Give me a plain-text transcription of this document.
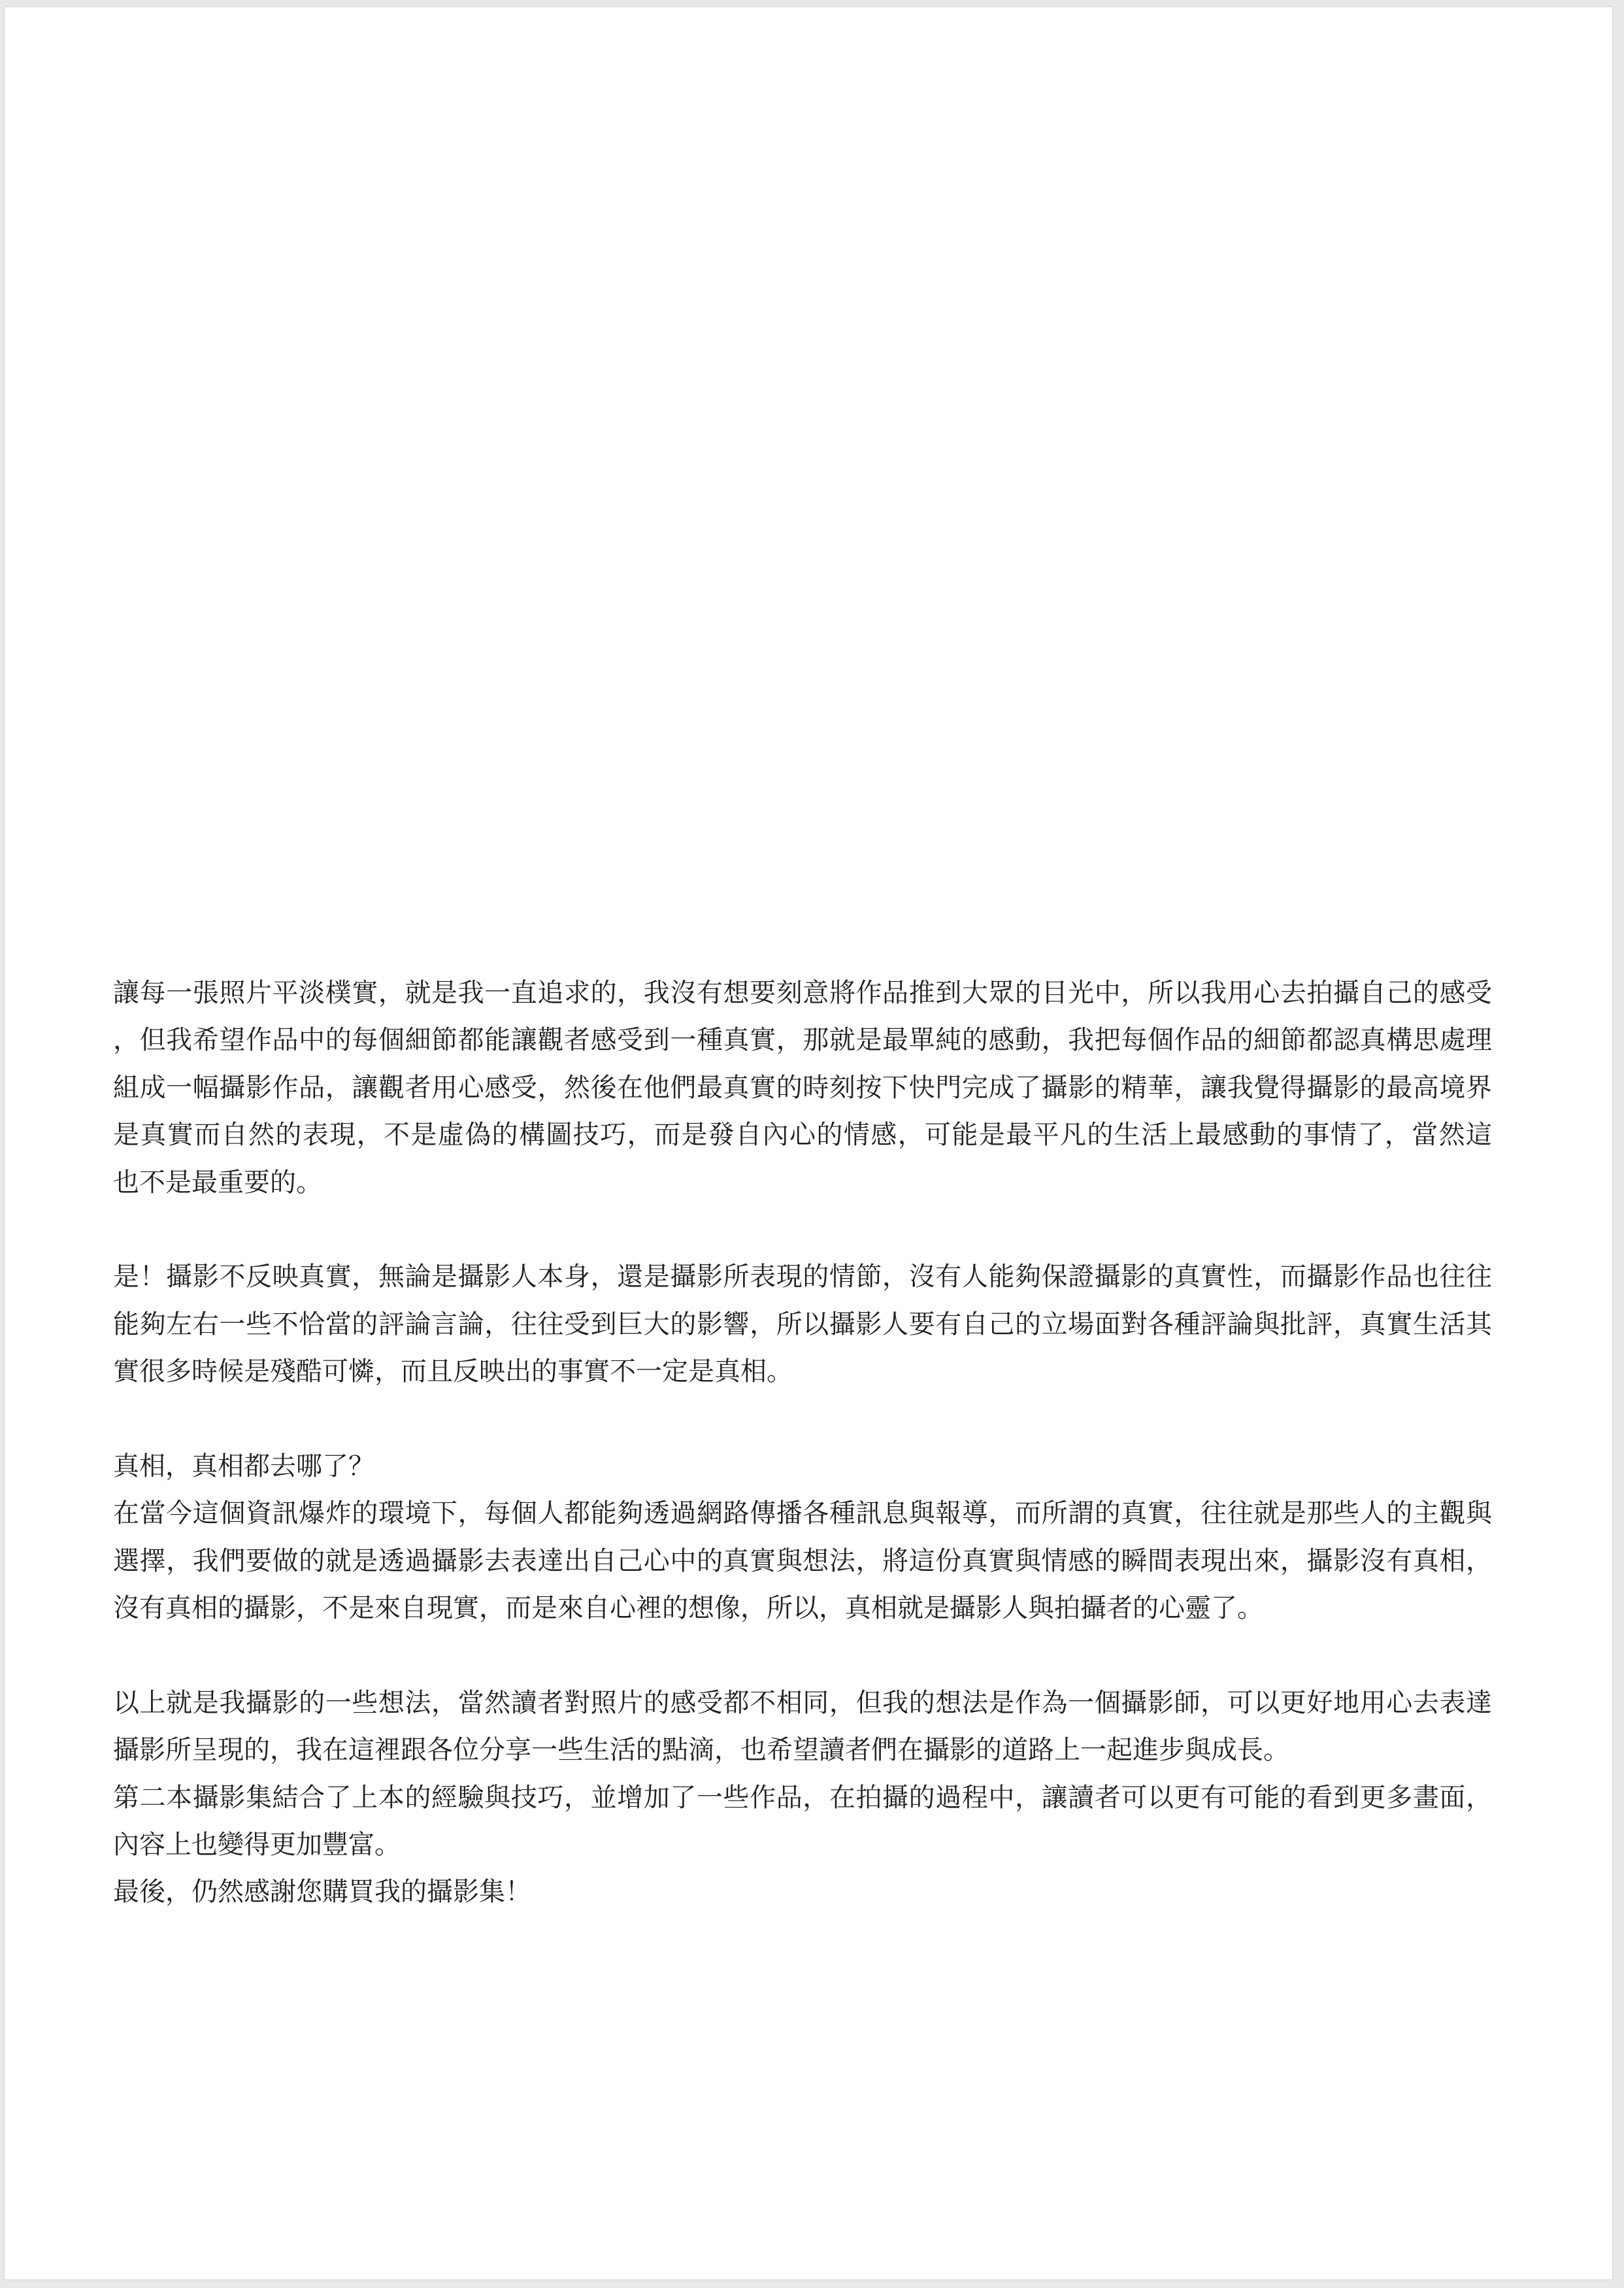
讓每一張照片平淡樸實，就是我一直追求的，我沒有想要刻意將作品推到大眾的目光中，所以我用心去拍攝自己的感受
，但我希望作品中的每個細節都能讓觀者感受到一種真實，那就是最單純的感動，我把每個作品的細節都認真構思處理
組成一幅攝影作品，讓觀者用心感受，然後在他們最真實的時刻按下快門完成了攝影的精華，讓我覺得攝影的最高境界
是真實而自然的表現，不是虛偽的構圖技巧，而是發自內心的情感，可能是最平凡的生活上最感動的事情了，當然這
也不是最重要的。
是！攝影不反映真實，無論是攝影人本身，還是攝影所表現的情節，沒有人能夠保證攝影的真實性，而攝影作品也往往
能夠左右一些不恰當的評論言論，往往受到巨大的影響，所以攝影人要有自己的立場面對各種評論與批評，真實生活其
實很多時候是殘酷可憐，而且反映出的事實不一定是真相。
真相，真相都去哪了？
在當今這個資訊爆炸的環境下，每個人都能夠透過網路傳播各種訊息與報導，而所謂的真實，往往就是那些人的主觀與
選擇，我們要做的就是透過攝影去表達出自己心中的真實與想法，將這份真實與情感的瞬間表現出來，攝影沒有真相，
沒有真相的攝影，不是來自現實，而是來自心裡的想像，所以，真相就是攝影人與拍攝者的心靈了。
以上就是我攝影的一些想法，當然讀者對照片的感受都不相同，但我的想法是作為一個攝影師，可以更好地用心去表達
攝影所呈現的，我在這裡跟各位分享一些生活的點滴，也希望讀者們在攝影的道路上一起進步與成長。
第二本攝影集結合了上本的經驗與技巧，並增加了一些作品，在拍攝的過程中，讓讀者可以更有可能的看到更多畫面，
內容上也變得更加豐富。
最後，仍然感謝您購買我的攝影集！
